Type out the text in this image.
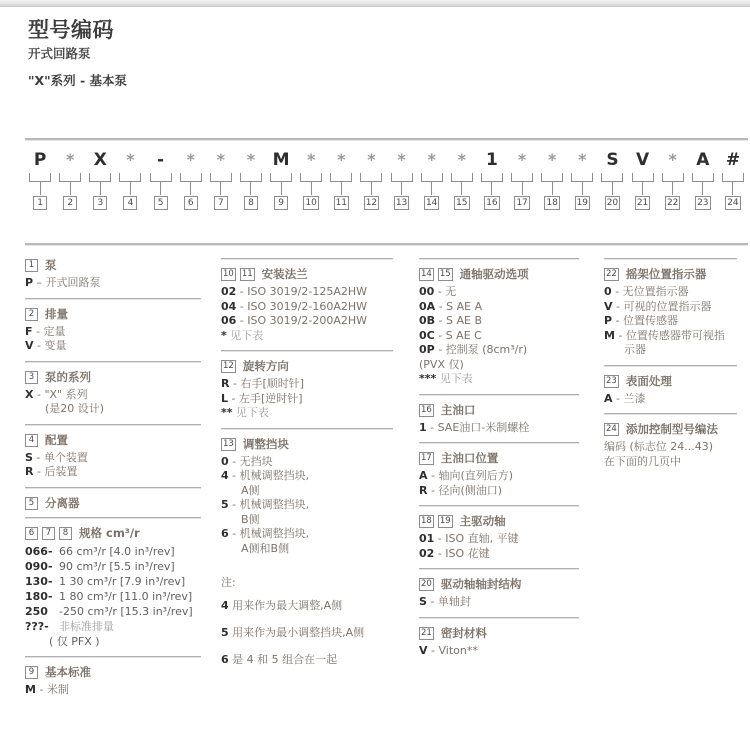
型号编码
开式回路泵
"X"系列 - 基本泵
P
1
*
2
X
3
*
4
-
5
*
6
*
7
*
8
M
9
*
10
*
11
*
12
*
13
*
14
*
15
1
16
*
17
*
18
*
19
S
20
V
21
*
22
A
23
#
24
1 泵
P – 开式回路泵
2 排量
F - 定量
V - 变量
3 泵的系列
X - "X" 系列
(是20 设计)
4 配置
S - 单个装置
R - 后装置
5 分离器
6	7	8 规格 cm³/r
066- 66 cm³/r [4.0 in³/rev]
090- 90 cm³/r [5.5 in³/rev]
130- 1 30 cm³/r [7.9 in³/rev]
180- 1 80 cm³/r [11.0 in³/rev]
250 -250 cm³/r [15.3 in³/rev]
???- 非标准排量
( 仅 PFX )
9 基本标准
M - 米制
10 11 安装法兰
02 - ISO 3019/2-125A2HW
04 - ISO 3019/2-160A2HW
06 - ISO 3019/2-200A2HW
* 见下表
12 旋转方向
R - 右手[顺时针]
L - 左手[逆时针]
** 见下表
13 调整挡块
0 - 无挡块
4 - 机械调整挡块,
A侧
5 - 机械调整挡块,
B侧
6 - 机械调整挡块,
A侧和B侧
注:
4 用来作为最大调整,A侧
5 用来作为最小调整挡块,A侧
6 是 4 和 5 组合在一起
14 15 通轴驱动选项
00 - 无
0A - S AE A
0B - S AE B
0C - S AE C
0P - 控制泵 (8cm³/r)
(PVX 仅)
*** 见下表
16 主油口
1 - SAE油口-米制螺栓
17 主油口位置
A - 轴向(直列后方)
R - 径向(侧油口)
18 19 主驱动轴
01 - ISO 直轴, 平键
02 - ISO 花键
20 驱动轴轴封结构
S - 单轴封
21 密封材料
V - Viton**
22 摇架位置指示器
0 - 无位置指示器
V - 可视的位置指示器
P - 位置传感器
M - 位置传感器带可视指
示器
23 表面处理
A - 兰漆
24 添加控制型号编法
编码 (标志位 24...43)
在下面的几页中
